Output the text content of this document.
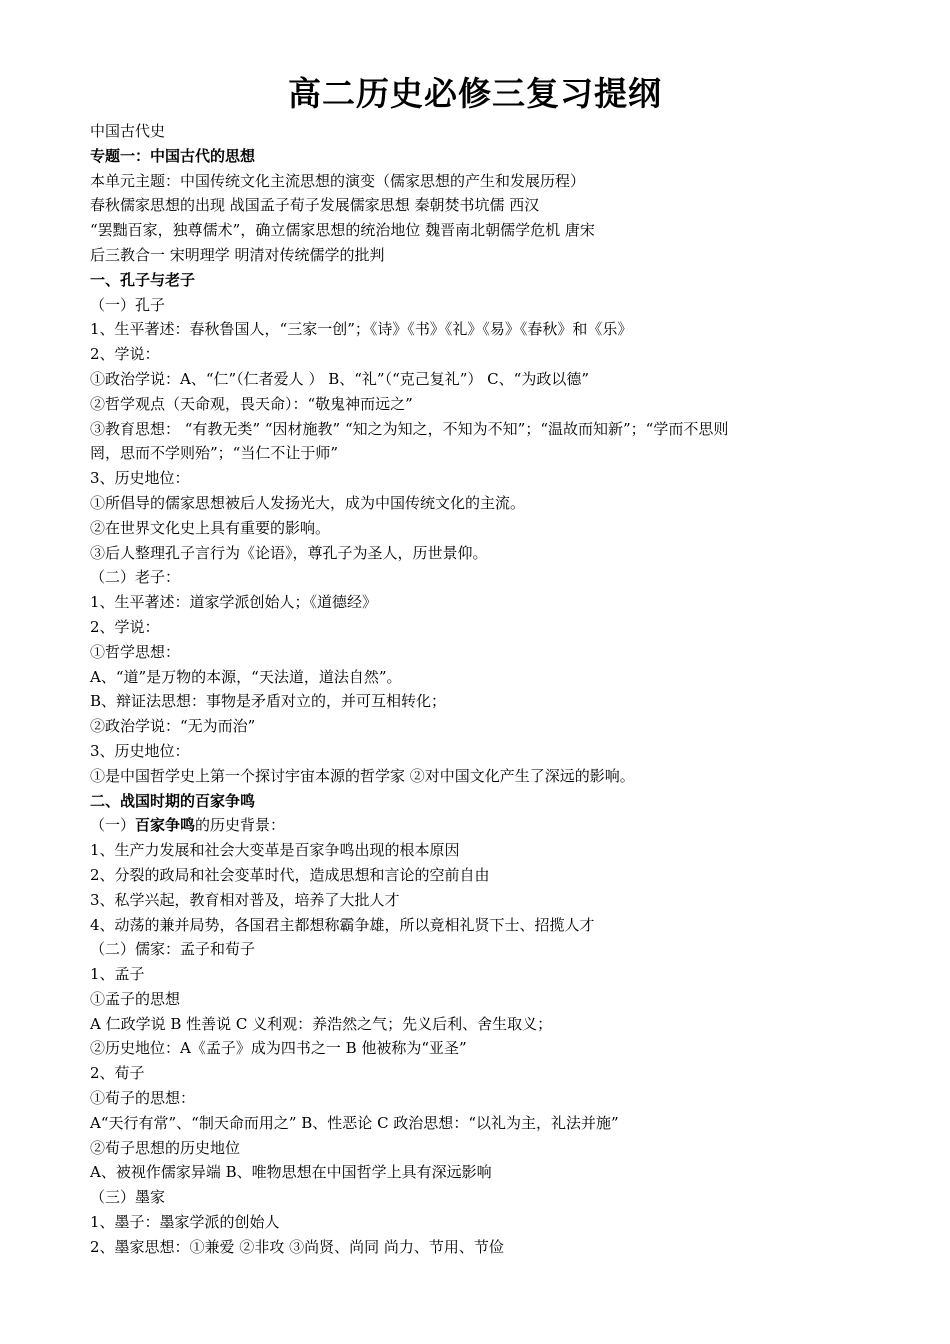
高二历史必修三复习提纲
中国古代史
专题一：中国古代的思想
本单元主题：中国传统文化主流思想的演变（儒家思想的产生和发展历程）
春秋儒家思想的出现 战国孟子荀子发展儒家思想 秦朝焚书坑儒 西汉
“罢黜百家，独尊儒术”，确立儒家思想的统治地位 魏晋南北朝儒学危机 唐宋
后三教合一 宋明理学 明清对传统儒学的批判
一、孔子与老子
（一）孔子
1、生平著述：春秋鲁国人，“三家一创”；《诗》《书》《礼》《易》《春秋》和《乐》
2、学说：
①政治学说：A、“仁”（仁者爱人 ） B、“礼”（“克己复礼”） C、“为政以德”
②哲学观点（天命观，畏天命）：“敬鬼神而远之”
③教育思想： “有教无类” “因材施教” “知之为知之，不知为不知”；“温故而知新”；“学而不思则
罔，思而不学则殆”；“当仁不让于师”
3、历史地位：
①所倡导的儒家思想被后人发扬光大，成为中国传统文化的主流。
②在世界文化史上具有重要的影响。
③后人整理孔子言行为《论语》，尊孔子为圣人，历世景仰。
（二）老子：
1、生平著述：道家学派创始人；《道德经》
2、学说：
①哲学思想：
A、“道”是万物的本源，“天法道，道法自然”。
B、辩证法思想：事物是矛盾对立的，并可互相转化；
②政治学说：“无为而治”
3、历史地位：
①是中国哲学史上第一个探讨宇宙本源的哲学家 ②对中国文化产生了深远的影响。
二、战国时期的百家争鸣
（一）百家争鸣的历史背景：
1、生产力发展和社会大变革是百家争鸣出现的根本原因
2、分裂的政局和社会变革时代，造成思想和言论的空前自由
3、私学兴起，教育相对普及，培养了大批人才
4、动荡的兼并局势，各国君主都想称霸争雄，所以竟相礼贤下士、招揽人才
（二）儒家：孟子和荀子
1、孟子
①孟子的思想
A 仁政学说 B 性善说 C 义利观：养浩然之气；先义后利、舍生取义；
②历史地位：A《孟子》成为四书之一 B 他被称为“亚圣”
2、荀子
①荀子的思想：
A“天行有常”、“制天命而用之” B、性恶论 C 政治思想：“以礼为主，礼法并施”
②荀子思想的历史地位
A、被视作儒家异端 B、唯物思想在中国哲学上具有深远影响
（三）墨家
1、墨子：墨家学派的创始人
2、墨家思想：①兼爱 ②非攻 ③尚贤、尚同 尚力、节用、节俭
